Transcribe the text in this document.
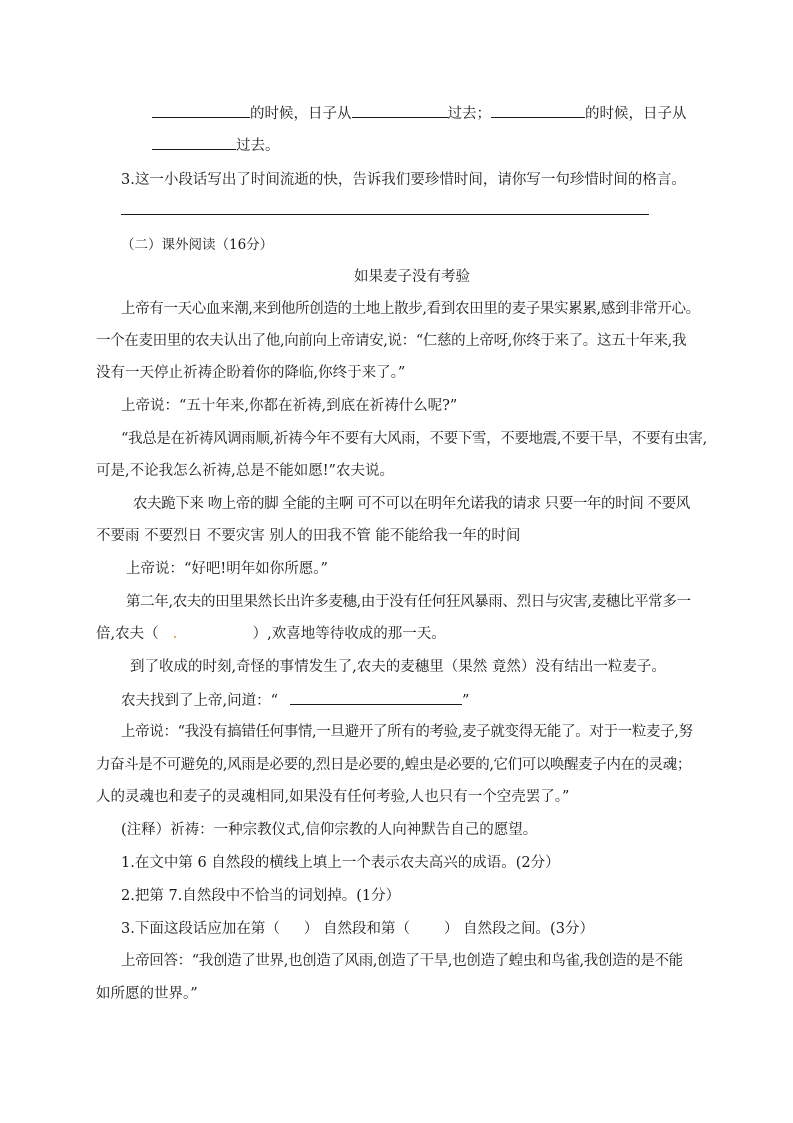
的时候，日子从	过去；	的时候，日子从
过去。
3.这一小段话写出了时间流逝的快，告诉我们要珍惜时间，请你写一句珍惜时间的格言。
（二）课外阅读（16分）
如果麦子没有考验
上帝有一天心血来潮,来到他所创造的土地上散步,看到农田里的麦子果实累累,感到非常开心。
一个在麦田里的农夫认出了他,向前向上帝请安,说：“仁慈的上帝呀,你终于来了。这五十年来,我
没有一天停止祈祷企盼着你的降临,你终于来了。”
上帝说：“五十年来,你都在祈祷,到底在祈祷什么呢?”
“我总是在祈祷风调雨顺,祈祷今年不要有大风雨，不要下雪，不要地震,不要干旱，不要有虫害,
可是,不论我怎么祈祷,总是不能如愿!”农夫说。
农夫跪下来 吻上帝的脚 全能的主啊 可不可以在明年允诺我的请求 只要一年的时间 不要风
不要雨 不要烈日 不要灾害 别人的田我不管 能不能给我一年的时间
上帝说：“好吧!明年如你所愿。”
第二年,农夫的田里果然长出许多麦穗,由于没有任何狂风暴雨、烈日与灾害,麦穗比平常多一
倍,农夫（ .	）,欢喜地等待收成的那一天。
到了收成的时刻,奇怪的事情发生了,农夫的麦穗里（果然 竟然）没有结出一粒麦子。
农夫找到了上帝,问道：“	”
上帝说：“我没有搞错任何事情,一旦避开了所有的考验,麦子就变得无能了。对于一粒麦子,努
力奋斗是不可避免的,风雨是必要的,烈日是必要的,蝗虫是必要的,它们可以唤醒麦子内在的灵魂；
人的灵魂也和麦子的灵魂相同,如果没有任何考验,人也只有一个空壳罢了。”
(注释）祈祷：一种宗教仪式,信仰宗教的人向神默告自己的愿望。
1.在文中第 6 自然段的横线上填上一个表示农夫高兴的成语。(2分）
2.把第 7.自然段中不恰当的词划掉。(1分）
3.下面这段话应加在第（ ） 自然段和第（ ） 自然段之间。(3分）
上帝回答：“我创造了世界,也创造了风雨,创造了干旱,也创造了蝗虫和鸟雀,我创造的是不能
如所愿的世界。”
